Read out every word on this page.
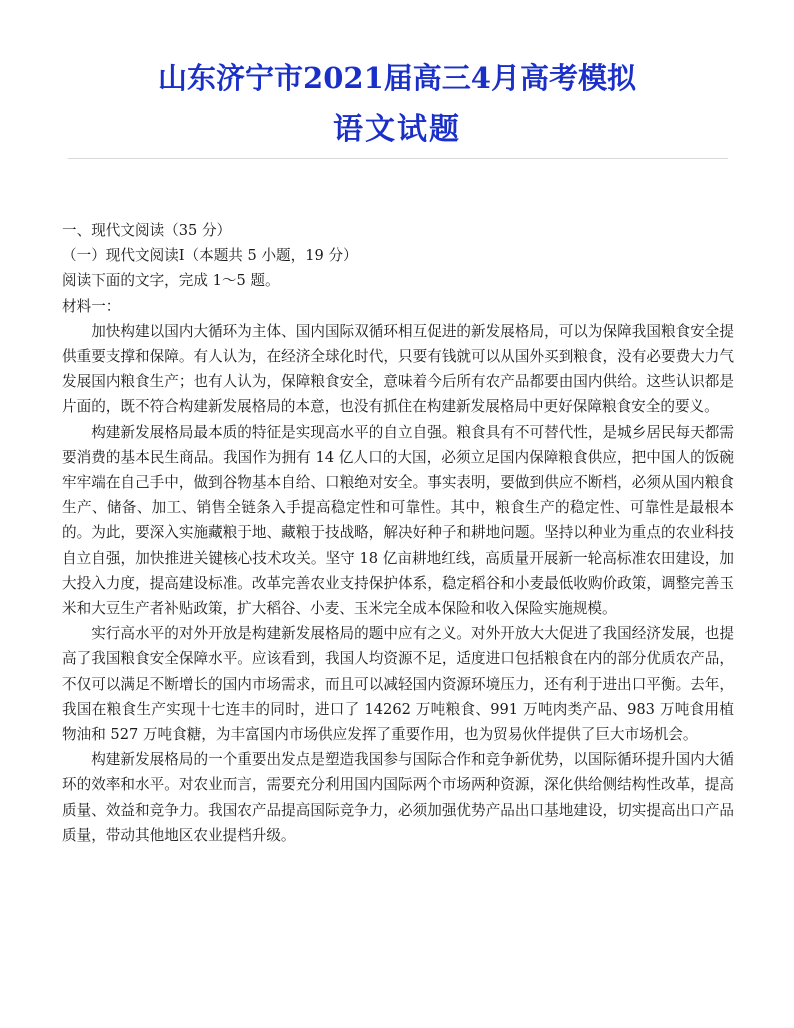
山东济宁市2021届高三4月高考模拟
语文试题

一、现代文阅读（35 分）

（一）现代文阅读Ⅰ（本题共 5 小题，19 分）

阅读下面的文字，完成 1～5 题。

材料一：

加快构建以国内大循环为主体、国内国际双循环相互促进的新发展格局，可以为保障我国粮食安全提供重要支撑和保障。有人认为，在经济全球化时代，只要有钱就可以从国外买到粮食，没有必要费大力气发展国内粮食生产；也有人认为，保障粮食安全，意味着今后所有农产品都要由国内供给。这些认识都是片面的，既不符合构建新发展格局的本意，也没有抓住在构建新发展格局中更好保障粮食安全的要义。

构建新发展格局最本质的特征是实现高水平的自立自强。粮食具有不可替代性，是城乡居民每天都需要消费的基本民生商品。我国作为拥有 14 亿人口的大国，必须立足国内保障粮食供应，把中国人的饭碗牢牢端在自己手中，做到谷物基本自给、口粮绝对安全。事实表明，要做到供应不断档，必须从国内粮食生产、储备、加工、销售全链条入手提高稳定性和可靠性。其中，粮食生产的稳定性、可靠性是最根本的。为此，要深入实施藏粮于地、藏粮于技战略，解决好种子和耕地问题。坚持以种业为重点的农业科技自立自强，加快推进关键核心技术攻关。坚守 18 亿亩耕地红线，高质量开展新一轮高标准农田建设，加大投入力度，提高建设标准。改革完善农业支持保护体系，稳定稻谷和小麦最低收购价政策，调整完善玉米和大豆生产者补贴政策，扩大稻谷、小麦、玉米完全成本保险和收入保险实施规模。

实行高水平的对外开放是构建新发展格局的题中应有之义。对外开放大大促进了我国经济发展，也提高了我国粮食安全保障水平。应该看到，我国人均资源不足，适度进口包括粮食在内的部分优质农产品，不仅可以满足不断增长的国内市场需求，而且可以减轻国内资源环境压力，还有利于进出口平衡。去年，我国在粮食生产实现十七连丰的同时，进口了 14262 万吨粮食、991 万吨肉类产品、983 万吨食用植物油和 527 万吨食糖，为丰富国内市场供应发挥了重要作用，也为贸易伙伴提供了巨大市场机会。

构建新发展格局的一个重要出发点是塑造我国参与国际合作和竞争新优势，以国际循环提升国内大循环的效率和水平。对农业而言，需要充分利用国内国际两个市场两种资源，深化供给侧结构性改革，提高质量、效益和竞争力。我国农产品提高国际竞争力，必须加强优势产品出口基地建设，切实提高出口产品质量，带动其他地区农业提档升级。
